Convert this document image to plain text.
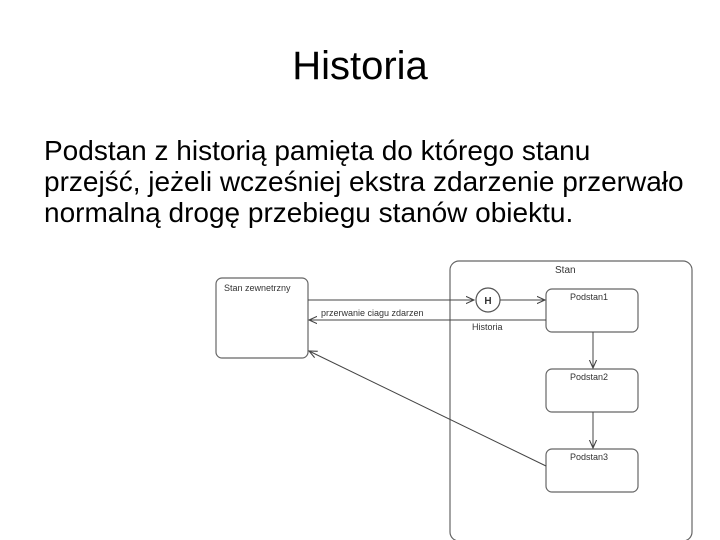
Historia

Podstan z historią pamięta do którego stanu przejść, jeżeli wcześniej ekstra zdarzenie przerwało normalną drogę przebiegu stanów obiektu.

Stan
Stan zewnetrzny
H
Historia
Podstan1
Podstan2
Podstan3
przerwanie ciagu zdarzen
